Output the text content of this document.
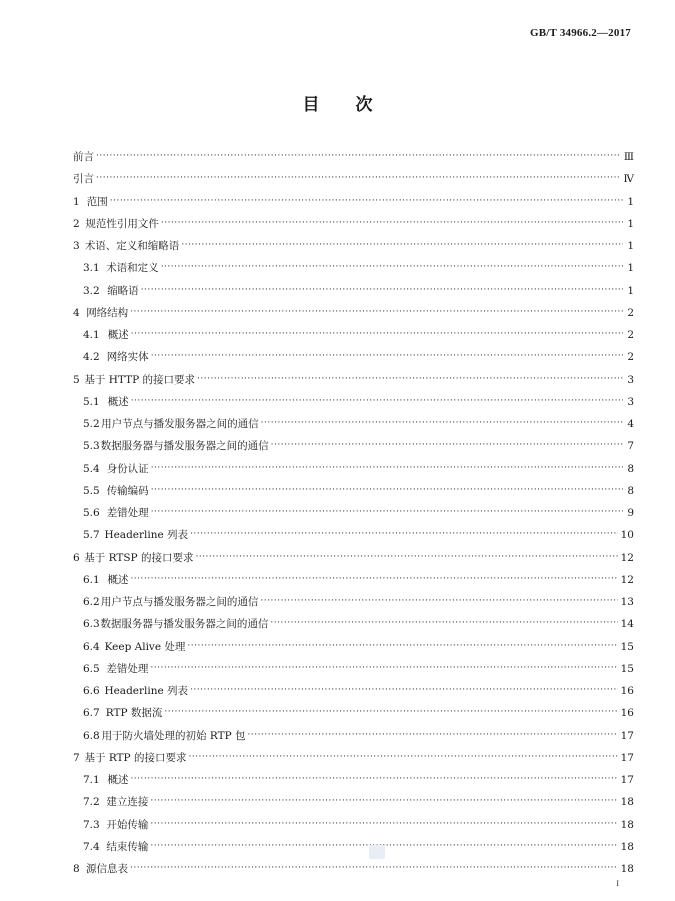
GB/T 34966.2—2017
目 次
前言 ·····	Ⅲ
引言 ·····	Ⅳ
1 范围 ·····	1
2 规范性引用文件 ·····	1
3 术语、定义和缩略语 ·····	1
3.1 术语和定义 ·····	1
3.2 缩略语 ·····	1
4 网络结构 ·····	2
4.1 概述 ·····	2
4.2 网络实体 ·····	2
5 基于 HTTP 的接口要求 ·····	3
5.1 概述 ·····	3
5.2 用户节点与播发服务器之间的通信 ·····	4
5.3 数据服务器与播发服务器之间的通信 ·····	7
5.4 身份认证 ·····	8
5.5 传输编码 ·····	8
5.6 差错处理 ·····	9
5.7 Headerline 列表 ·····	10
6 基于 RTSP 的接口要求 ·····	12
6.1 概述 ·····	12
6.2 用户节点与播发服务器之间的通信 ·····	13
6.3 数据服务器与播发服务器之间的通信 ·····	14
6.4 Keep Alive 处理 ·····	15
6.5 差错处理 ·····	15
6.6 Headerline 列表 ·····	16
6.7 RTP 数据流 ·····	16
6.8 用于防火墙处理的初始 RTP 包 ·····	17
7 基于 RTP 的接口要求 ·····	17
7.1 概述 ·····	17
7.2 建立连接 ·····	18
7.3 开始传输 ·····	18
7.4 结束传输 ·····	18
8 源信息表 ·····	18
I
